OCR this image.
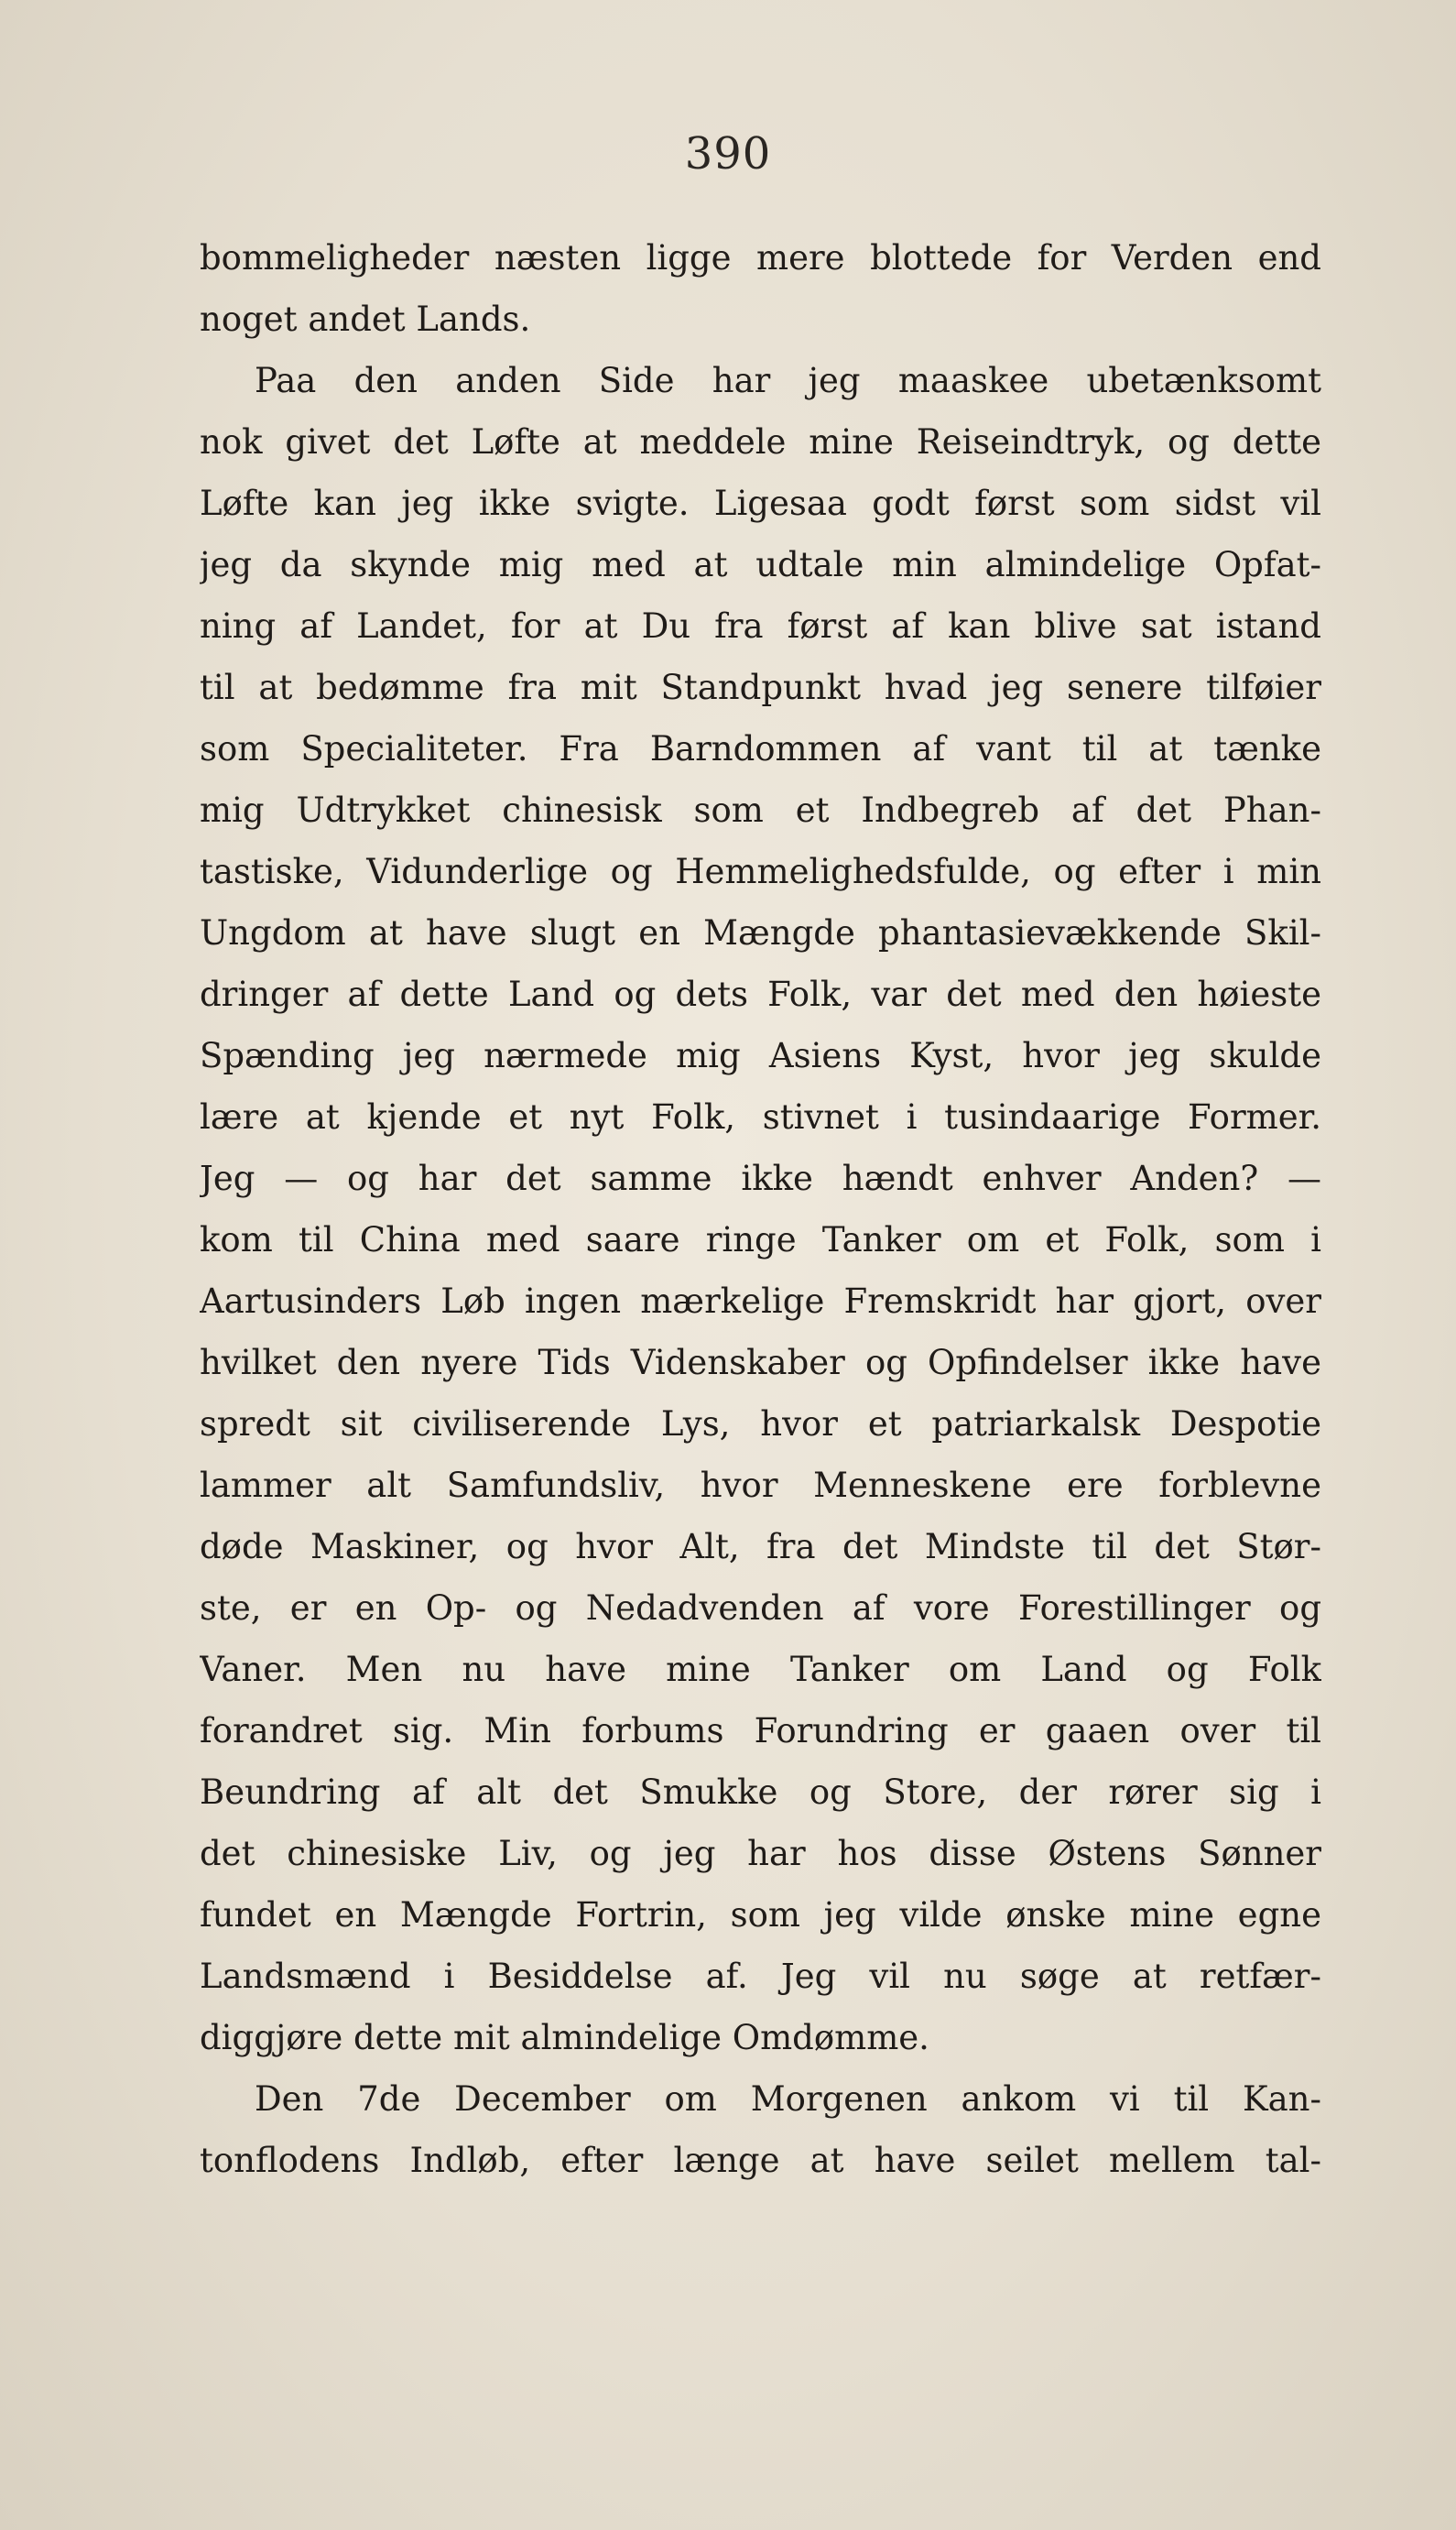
390
bommeligheder næsten ligge mere blottede for Verden end
noget andet Lands.
Paa den anden Side har jeg maaskee ubetænksomt
nok givet det Løfte at meddele mine Reiseindtryk, og dette
Løfte kan jeg ikke svigte. Ligesaa godt først som sidst vil
jeg da skynde mig med at udtale min almindelige Opfat-
ning af Landet, for at Du fra først af kan blive sat istand
til at bedømme fra mit Standpunkt hvad jeg senere tilføier
som Specialiteter. Fra Barndommen af vant til at tænke
mig Udtrykket chinesisk som et Indbegreb af det Phan-
tastiske, Vidunderlige og Hemmelighedsfulde, og efter i min
Ungdom at have slugt en Mængde phantasievækkende Skil-
dringer af dette Land og dets Folk, var det med den høieste
Spænding jeg nærmede mig Asiens Kyst, hvor jeg skulde
lære at kjende et nyt Folk, stivnet i tusindaarige Former.
Jeg — og har det samme ikke hændt enhver Anden? —
kom til China med saare ringe Tanker om et Folk, som i
Aartusinders Løb ingen mærkelige Fremskridt har gjort, over
hvilket den nyere Tids Videnskaber og Opfindelser ikke have
spredt sit civiliserende Lys, hvor et patriarkalsk Despotie
lammer alt Samfundsliv, hvor Menneskene ere forblevne
døde Maskiner, og hvor Alt, fra det Mindste til det Stør-
ste, er en Op- og Nedadvenden af vore Forestillinger og
Vaner. Men nu have mine Tanker om Land og Folk
forandret sig. Min forbums Forundring er gaaen over til
Beundring af alt det Smukke og Store, der rører sig i
det chinesiske Liv, og jeg har hos disse Østens Sønner
fundet en Mængde Fortrin, som jeg vilde ønske mine egne
Landsmænd i Besiddelse af. Jeg vil nu søge at retfær-
diggjøre dette mit almindelige Omdømme.
Den 7de December om Morgenen ankom vi til Kan-
tonflodens Indløb, efter længe at have seilet mellem tal-
